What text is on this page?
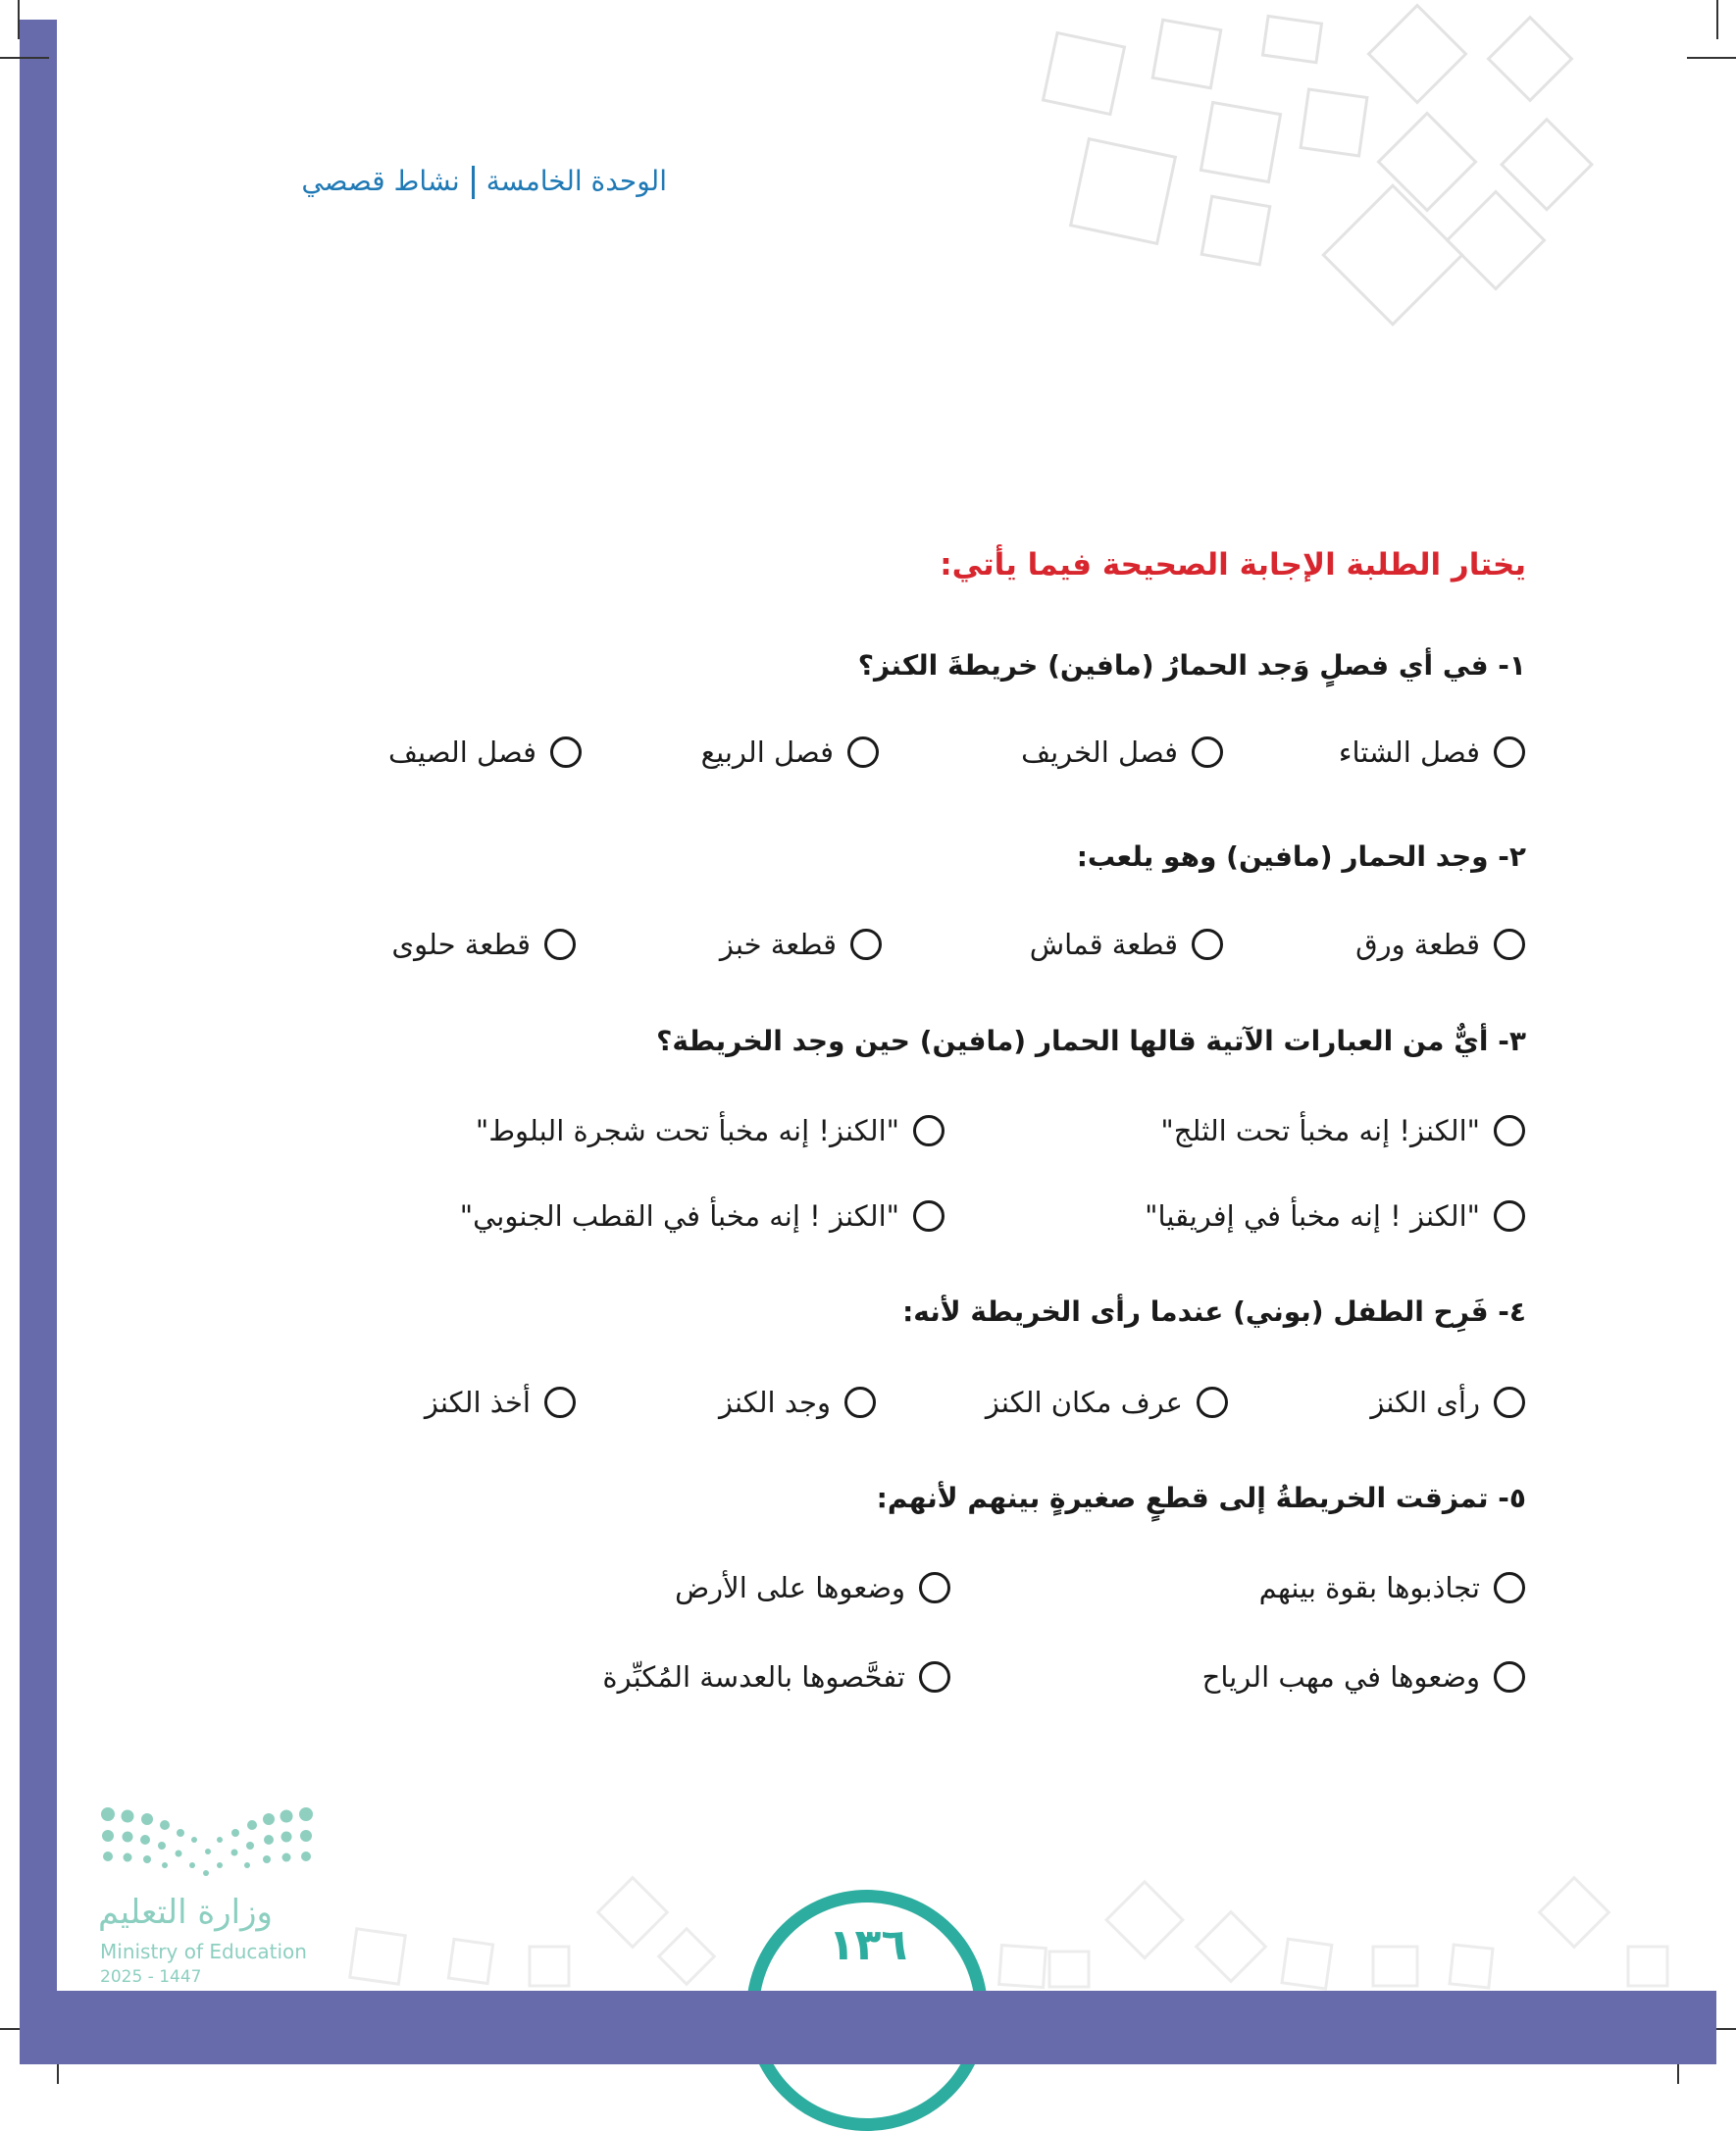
الوحدة الخامسةنشاط قصصي
يختار الطلبة الإجابة الصحيحة فيما يأتي:
١- في أي فصلٍ وَجد الحمارُ (مافين) خريطةَ الكنز؟
فصل الشتاء
فصل الخريف
فصل الربيع
فصل الصيف
٢- وجد الحمار (مافين) وهو يلعب:
قطعة ورق
قطعة قماش
قطعة خبز
قطعة حلوى
٣- أيٌّ من العبارات الآتية قالها الحمار (مافين) حين وجد الخريطة؟
"الكنز! إنه مخبأ تحت الثلج"
"الكنز! إنه مخبأ تحت شجرة البلوط"
"الكنز ! إنه مخبأ في إفريقيا"
"الكنز ! إنه مخبأ في القطب الجنوبي"
٤- فَرِح الطفل (بوني) عندما رأى الخريطة لأنه:
رأى الكنز
عرف مكان الكنز
وجد الكنز
أخذ الكنز
٥- تمزقت الخريطةُ إلى قطعٍ صغيرةٍ بينهم لأنهم:
تجاذبوها بقوة بينهم
وضعوها على الأرض
وضعوها في مهب الرياح
تفحَّصوها بالعدسة المُكبِّرة
١٣٦
وزارة التعليم
Ministry of Education
2025 - 1447
